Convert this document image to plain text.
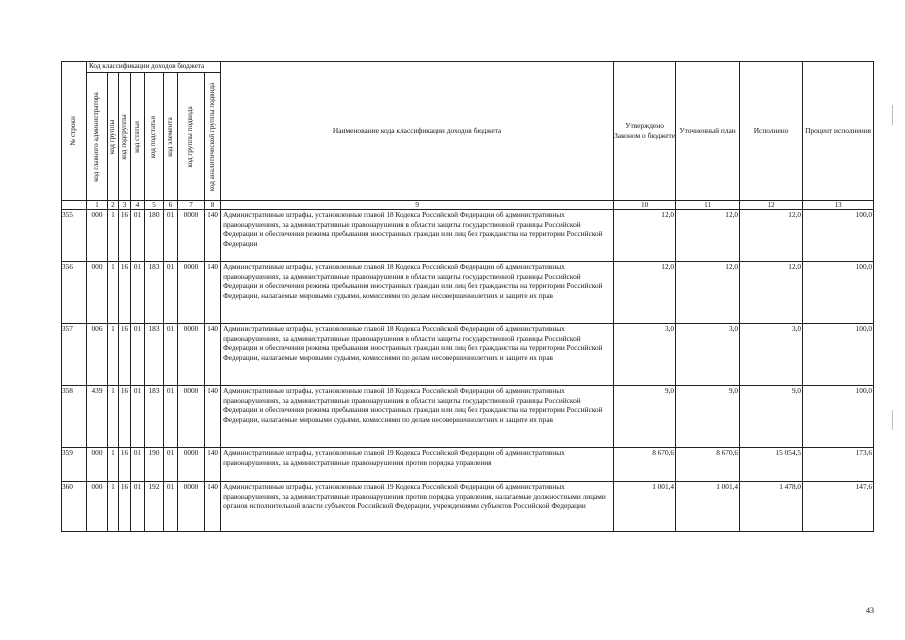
№ строки	Код классификации доходов бюджета								Наименование кода классификации доходов бюджета	Утверждено Законом о бюджете	Уточненный план	Исполнено	Процент исполнения

	код главного администратора	код группы	код подгруппы	код статьи	код подстатьи	код элемента	код группы подвида	код аналитической группы подвида					

	1	2	3	4	5	6	7	8	9	10	11	12	13
355	000	1	16	01	180	01	0000	140	Административные штрафы, установленные главой 18 Кодекса Российской Федерации об административных правонарушениях, за административные правонарушения в области защиты государственной границы Российской Федерации и обеспечения режима пребывания иностранных граждан или лиц без гражданства на территории Российской Федерации	12,0	12,0	12,0	100,0
356	000	1	16	01	183	01	0000	140	Административные штрафы, установленные главой 18 Кодекса Российской Федерации об административных правонарушениях, за административные правонарушения в области защиты государственной границы Российской Федерации и обеспечения режима пребывания иностранных граждан или лиц без гражданства на территории Российской Федерации, налагаемые мировыми судьями, комиссиями по делам несовершеннолетних и защите их прав	12,0	12,0	12,0	100,0
357	006	1	16	01	183	01	0000	140	Административные штрафы, установленные главой 18 Кодекса Российской Федерации об административных правонарушениях, за административные правонарушения в области защиты государственной границы Российской Федерации и обеспечения режима пребывания иностранных граждан или лиц без гражданства на территории Российской Федерации, налагаемые мировыми судьями, комиссиями по делам несовершеннолетних и защите их прав	3,0	3,0	3,0	100,0
358	439	1	16	01	183	01	0000	140	Административные штрафы, установленные главой 18 Кодекса Российской Федерации об административных правонарушениях, за административные правонарушения в области защиты государственной границы Российской Федерации и обеспечения режима пребывания иностранных граждан или лиц без гражданства на территории Российской Федерации, налагаемые мировыми судьями, комиссиями по делам несовершеннолетних и защите их прав	9,0	9,0	9,0	100,0
359	000	1	16	01	190	01	0000	140	Административные штрафы, установленные главой 19 Кодекса Российской Федерации об административных правонарушениях, за административные правонарушения против порядка управления	8 670,6	8 670,6	15 054,5	173,6
360	000	1	16	01	192	01	0000	140	Административные штрафы, установленные главой 19 Кодекса Российской Федерации об административных правонарушениях, за административные правонарушения против порядка управления, налагаемые должностными лицами органов исполнительной власти субъектов Российской Федерации, учреждениями субъектов Российской Федерации	1 001,4	1 001,4	1 478,0	147,6
43
